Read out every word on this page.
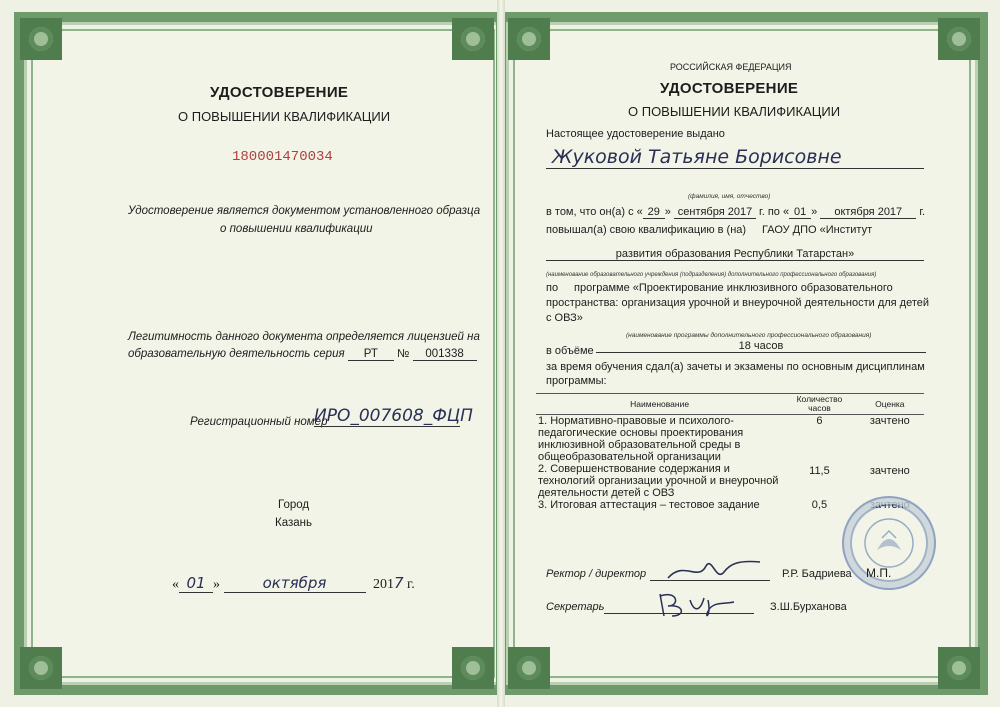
УДОСТОВЕРЕНИЕ
О ПОВЫШЕНИИ КВАЛИФИКАЦИИ
180001470034
Удостоверение является документом установленного образца
о повышении квалификации
Легитимность данного документа определяется лицензией на
образовательную деятельность серия РТ № 001338
Регистрационный номер
ИРО_007608_ФЦП
Город
Казань
« 01 »	октября	2017 г.
РОССИЙСКАЯ ФЕДЕРАЦИЯ
УДОСТОВЕРЕНИЕ
О ПОВЫШЕНИИ КВАЛИФИКАЦИИ
Настоящее удостоверение выдано
Жуковой Татьяне Борисовне
(фамилия, имя, отчество)
в том, что он(а) с « 29 » сентября 2017 г. по « 01 » октября 2017 г.
повышал(а) свою квалификацию в (на) ГАОУ ДПО «Институт
развития образования Республики Татарстан»
(наименование образовательного учреждения (подразделения) дополнительного профессионального образования)
по программе «Проектирование инклюзивного образовательного
пространства: организация урочной и внеурочной деятельности для детей
с ОВЗ»
(наименование программы дополнительного профессионального образования)
в объёме	18 часов
за время обучения сдал(а) зачеты и экзамены по основным дисциплинам
программы:
Наименование	Количество часов	Оценка

1. Нормативно-правовые и психолого-
педагогические основы проектирования
инклюзивной образовательной среды в
общеобразовательной организации	6	зачтено

2. Совершенствование содержания и
технологий организации урочной и внеурочной
деятельности детей с ОВЗ	11,5	зачтено

3. Итоговая аттестация – тестовое задание	0,5	зачтено
Ректор / директор	Р.Р. Бадриева М.П.
Секретарь	З.Ш.Бурханова
